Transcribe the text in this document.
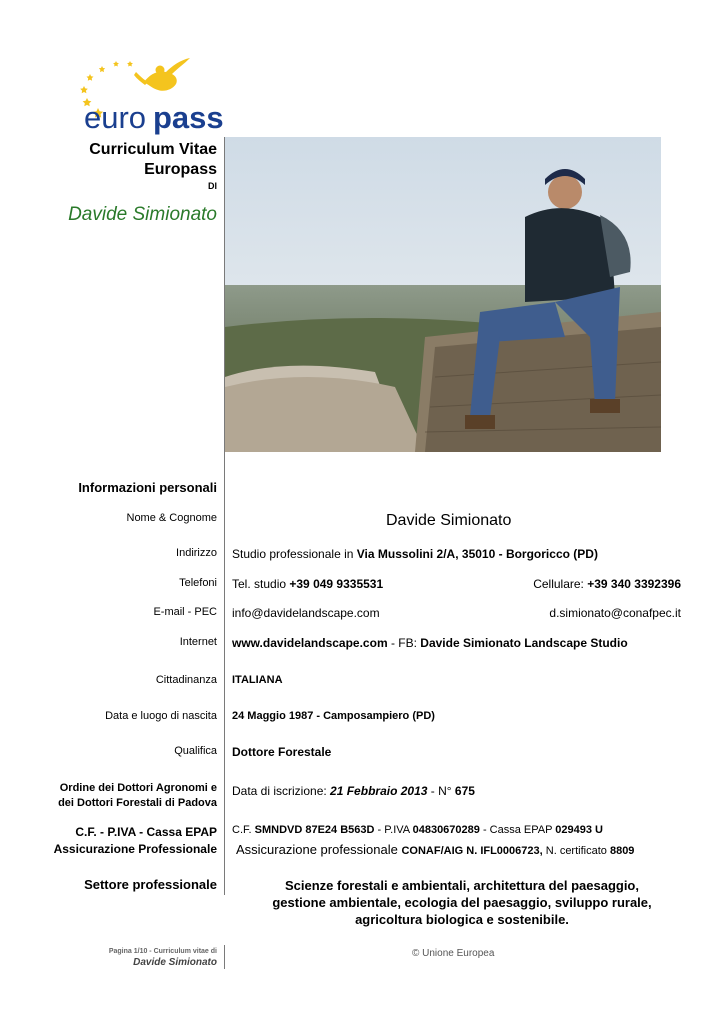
euro pass
Curriculum Vitae
Europass
DI
Davide Simionato
Informazioni personali
Nome & Cognome	Davide Simionato
Indirizzo Studio professionale in Via Mussolini 2/A, 35010 - Borgoricco (PD)
Telefoni Tel. studio +39 049 9335531	Cellulare: +39 340 3392396
E-mail - PEC info@davidelandscape.com	d.simionato@conafpec.it
Internet www.davidelandscape.com - FB: Davide Simionato Landscape Studio
Cittadinanza ITALIANA
Data e luogo di nascita 24 Maggio 1987 - Camposampiero (PD)
Qualifica Dottore Forestale
Ordine dei Dottori Agronomi e
dei Dottori Forestali di Padova
Data di iscrizione: 21 Febbraio 2013 - N° 675
C.F. - P.IVA - Cassa EPAP
Assicurazione Professionale
C.F. SMNDVD 87E24 B563D - P.IVA 04830670289 - Cassa EPAP 029493 U
Assicurazione professionale CONAF/AIG N. IFL0006723, N. certificato 8809
Settore professionale	Scienze forestali e ambientali, architettura del paesaggio,
gestione ambientale, ecologia del paesaggio, sviluppo rurale,
agricoltura biologica e sostenibile.
Pagina 1/10 - Curriculum vitae di
Davide Simionato
© Unione Europea
